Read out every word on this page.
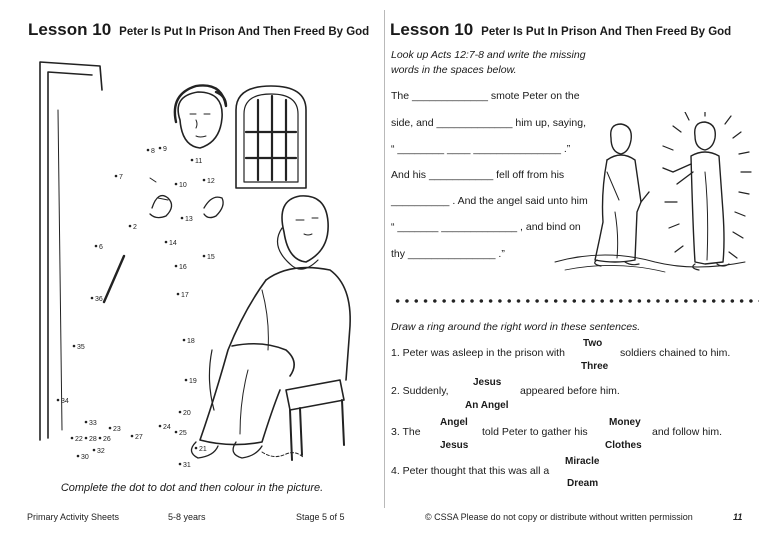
Lesson 10 Peter Is Put In Prison And Then Freed By God
8 9
11
7
10
12
2
13
14
6
15
16
17
36
18
35
19
34
20
33
23	24
22	27
26
25
32
30
31
28
21
Complete the dot to dot and then colour in the picture.
Primary Activity Sheets	5-8 years	Stage 5 of 5
Lesson 10 Peter Is Put In Prison And Then Freed By God
Look up Acts 12:7-8 and write the missing
words in the spaces below.
The _____________ smote Peter on the
side, and _____________ him up, saying,
“ ________ ____ _______________ .”
And his ___________ fell off from his
__________ . And the angel said unto him
“ _______ _____________ , and bind on
thy _______________ .”
Draw a ring around the right word in these sentences.
1. Peter was asleep in the prison with
Two
Three
soldiers chained to him.
2. Suddenly,
Jesus
An Angel
appeared before him.
3. The
Angel
Jesus
told Peter to gather his
Money
Clothes
and follow him.
4. Peter thought that this was all a
Miracle
Dream
© CSSA Please do not copy or distribute without written permission	11
